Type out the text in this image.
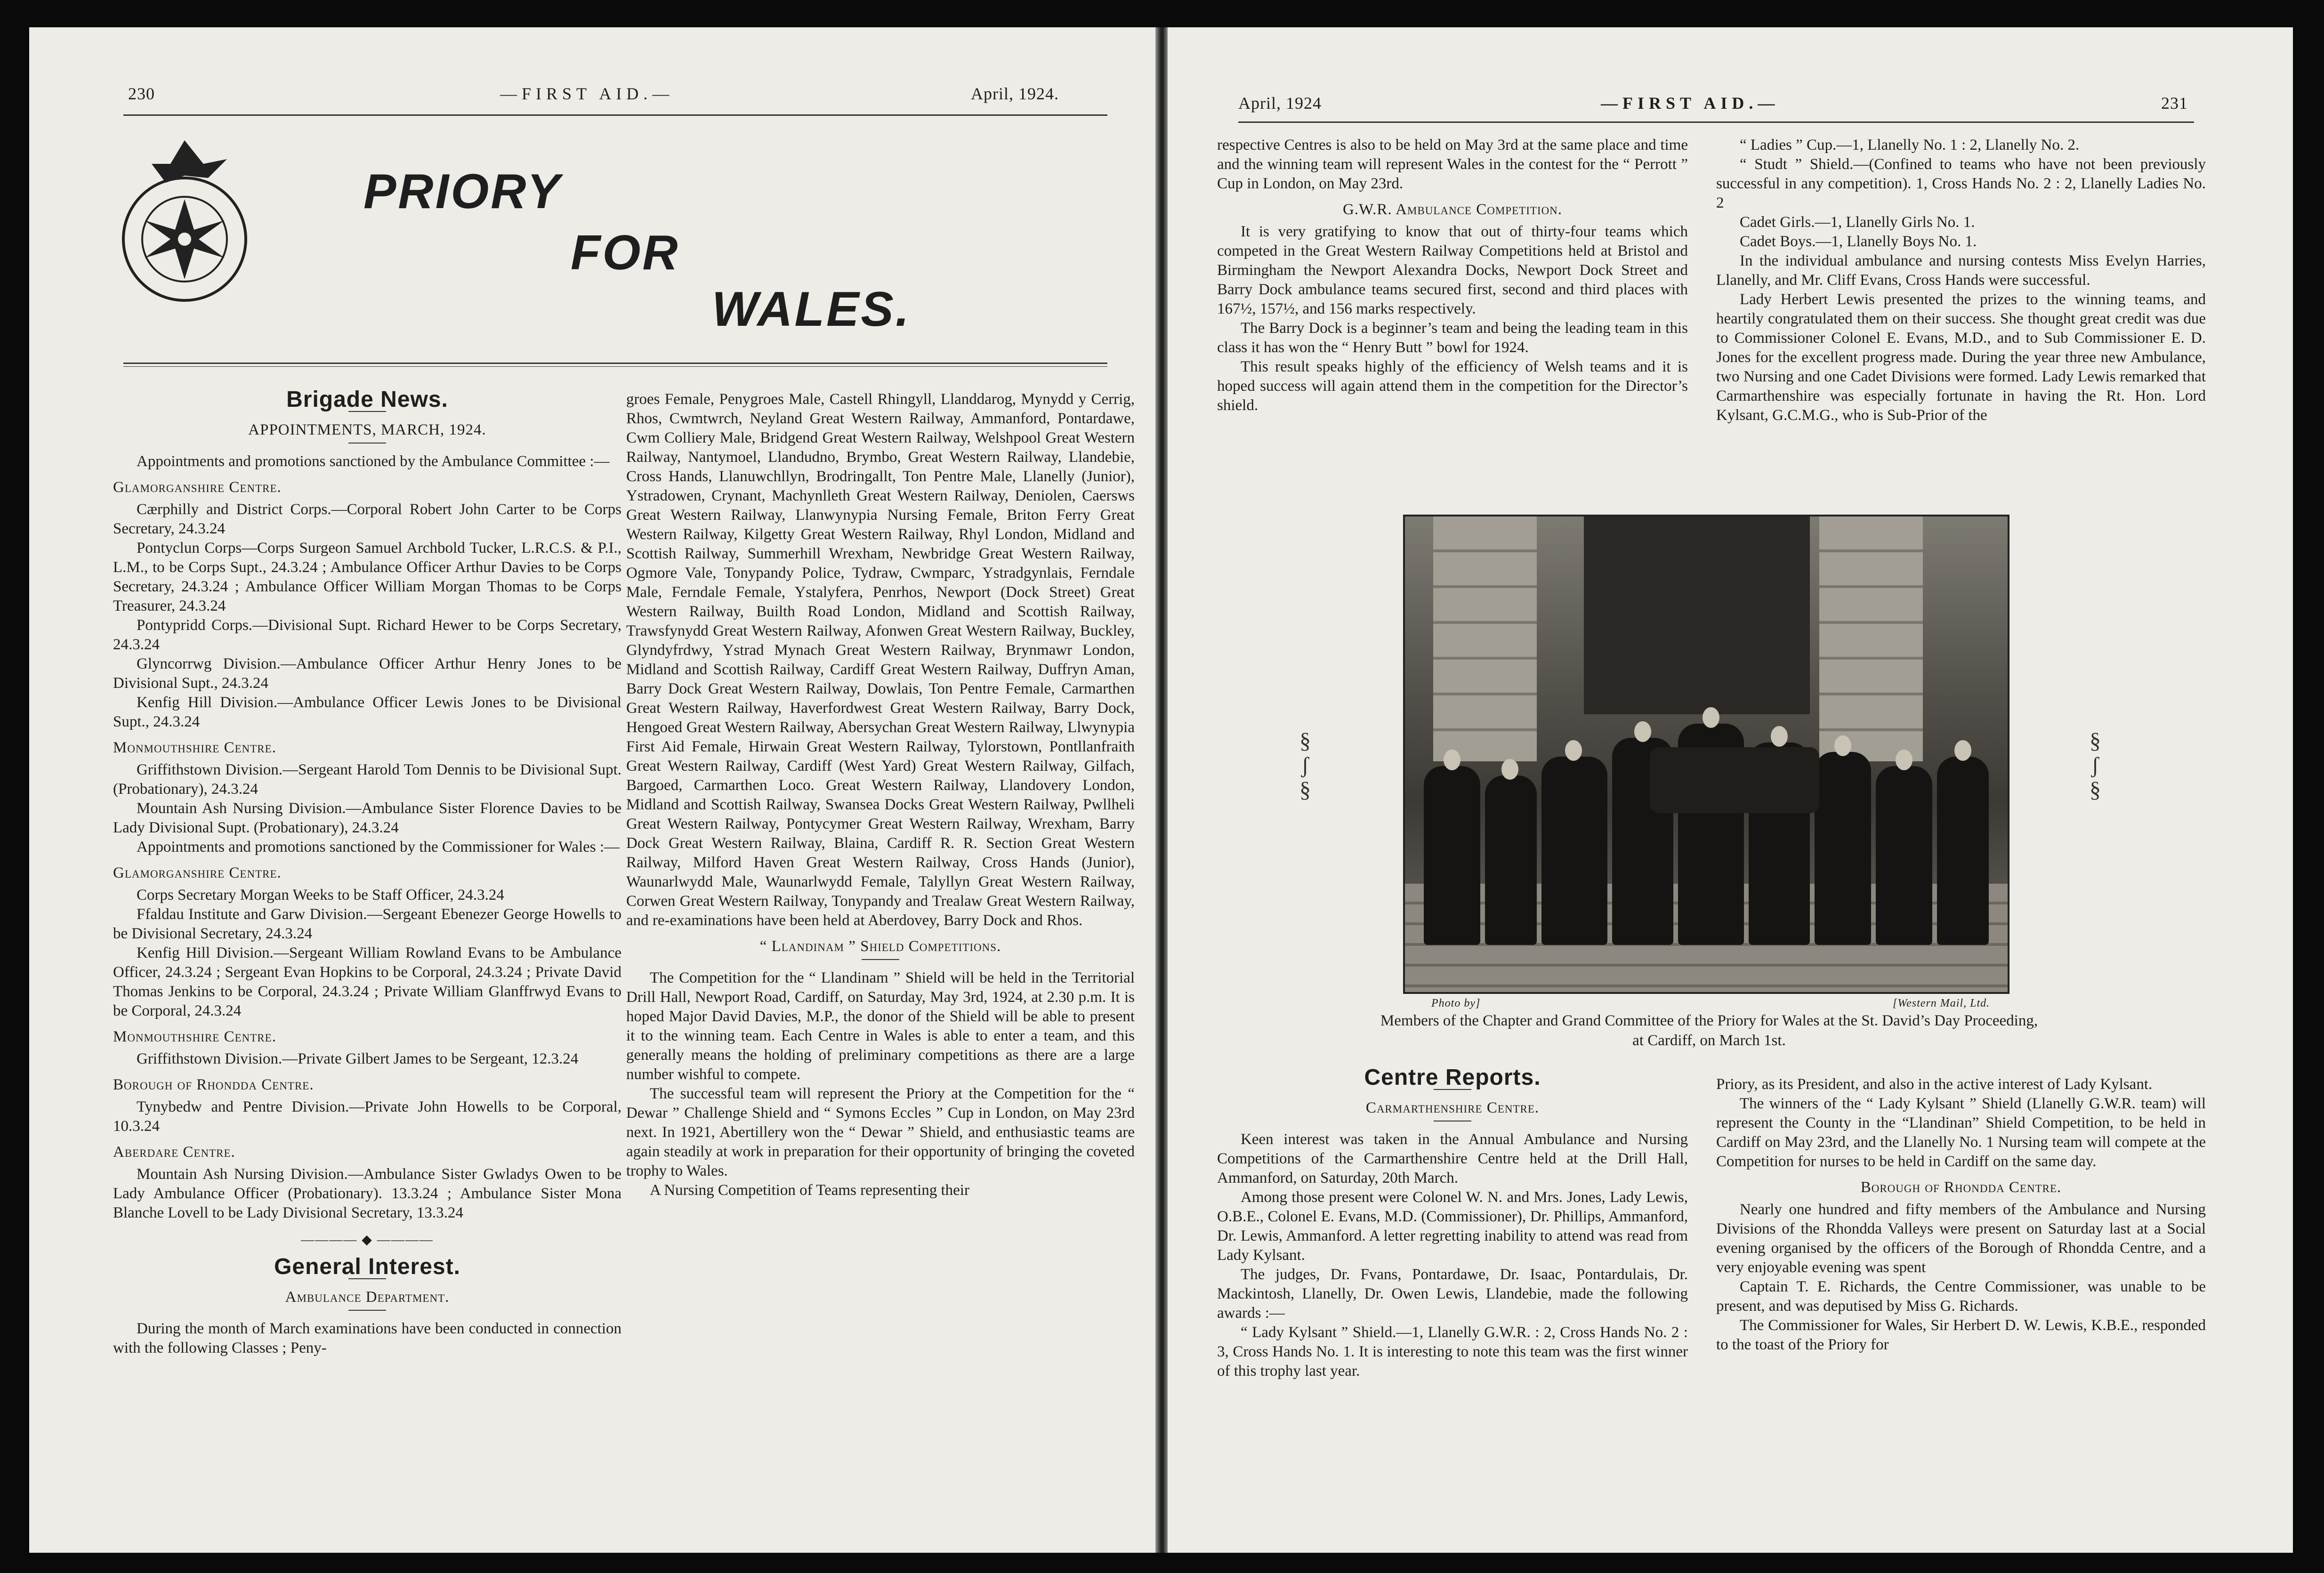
230	—FIRST AID.—	April, 1924.
PRIORY
FOR
WALES.
Brigade News.

APPOINTMENTS, MARCH, 1924.

Appointments and promotions sanctioned by the Ambulance Committee :—

Glamorganshire Centre.

Cærphilly and District Corps.—Corporal Robert John Carter to be Corps Secretary, 24.3.24

Pontyclun Corps—Corps Surgeon Samuel Archbold Tucker, L.R.C.S. & P.I., L.M., to be Corps Supt., 24.3.24 ; Ambulance Officer Arthur Davies to be Corps Secretary, 24.3.24 ; Ambulance Officer William Morgan Thomas to be Corps Treasurer, 24.3.24

Pontypridd Corps.—Divisional Supt. Richard Hewer to be Corps Secretary, 24.3.24

Glyncorrwg Division.—Ambulance Officer Arthur Henry Jones to be Divisional Supt., 24.3.24

Kenfig Hill Division.—Ambulance Officer Lewis Jones to be Divisional Supt., 24.3.24

Monmouthshire Centre.

Griffithstown Division.—Sergeant Harold Tom Dennis to be Divisional Supt. (Probationary), 24.3.24

Mountain Ash Nursing Division.—Ambulance Sister Florence Davies to be Lady Divisional Supt. (Probationary), 24.3.24

Appointments and promotions sanctioned by the Commissioner for Wales :—

Glamorganshire Centre.

Corps Secretary Morgan Weeks to be Staff Officer, 24.3.24

Ffaldau Institute and Garw Division.—Sergeant Ebenezer George Howells to be Divisional Secretary, 24.3.24

Kenfig Hill Division.—Sergeant William Rowland Evans to be Ambulance Officer, 24.3.24 ; Sergeant Evan Hopkins to be Corporal, 24.3.24 ; Private David Thomas Jenkins to be Corporal, 24.3.24 ; Private William Glanffrwyd Evans to be Corporal, 24.3.24

Monmouthshire Centre.

Griffithstown Division.—Private Gilbert James to be Sergeant, 12.3.24

Borough of Rhondda Centre.

Tynybedw and Pentre Division.—Private John Howells to be Corporal, 10.3.24

Aberdare Centre.

Mountain Ash Nursing Division.—Ambulance Sister Gwladys Owen to be Lady Ambulance Officer (Probationary). 13.3.24 ; Ambulance Sister Mona Blanche Lovell to be Lady Divisional Secretary, 13.3.24

———— ◆ ————
General Interest.

Ambulance Department.

During the month of March examinations have been conducted in connection with the following Classes ; Peny-

groes Female, Penygroes Male, Castell Rhingyll, Llanddarog, Mynydd y Cerrig, Rhos, Cwmtwrch, Neyland Great Western Railway, Ammanford, Pontardawe, Cwm Colliery Male, Bridgend Great Western Railway, Welshpool Great Western Railway, Nantymoel, Llandudno, Brymbo, Great Western Railway, Llandebie, Cross Hands, Llanuwchllyn, Brodringallt, Ton Pentre Male, Llanelly (Junior), Ystradowen, Crynant, Machynlleth Great Western Railway, Deniolen, Caersws Great Western Railway, Llanwynypia Nursing Female, Briton Ferry Great Western Railway, Kilgetty Great Western Railway, Rhyl London, Midland and Scottish Railway, Summerhill Wrexham, Newbridge Great Western Railway, Ogmore Vale, Tonypandy Police, Tydraw, Cwmparc, Ystradgynlais, Ferndale Male, Ferndale Female, Ystalyfera, Penrhos, Newport (Dock Street) Great Western Railway, Builth Road London, Midland and Scottish Railway, Trawsfynydd Great Western Railway, Afonwen Great Western Railway, Buckley, Glyndyfrdwy, Ystrad Mynach Great Western Railway, Brynmawr London, Midland and Scottish Railway, Cardiff Great Western Railway, Duffryn Aman, Barry Dock Great Western Railway, Dowlais, Ton Pentre Female, Carmarthen Great Western Railway, Haverfordwest Great Western Railway, Barry Dock, Hengoed Great Western Railway, Abersychan Great Western Railway, Llwynypia First Aid Female, Hirwain Great Western Railway, Tylorstown, Pontllanfraith Great Western Railway, Cardiff (West Yard) Great Western Railway, Gilfach, Bargoed, Carmarthen Loco. Great Western Railway, Llandovery London, Midland and Scottish Railway, Swansea Docks Great Western Railway, Pwllheli Great Western Railway, Pontycymer Great Western Railway, Wrexham, Barry Dock Great Western Railway, Blaina, Cardiff R. R. Section Great Western Railway, Milford Haven Great Western Railway, Cross Hands (Junior), Waunarlwydd Male, Waunarlwydd Female, Talyllyn Great Western Railway, Corwen Great Western Railway, Tonypandy and Trealaw Great Western Railway, and re-examinations have been held at Aberdovey, Barry Dock and Rhos.

“ Llandinam ” Shield Competitions.

The Competition for the “ Llandinam ” Shield will be held in the Territorial Drill Hall, Newport Road, Cardiff, on Saturday, May 3rd, 1924, at 2.30 p.m. It is hoped Major David Davies, M.P., the donor of the Shield will be able to present it to the winning team. Each Centre in Wales is able to enter a team, and this generally means the holding of preliminary competitions as there are a large number wishful to compete.

The successful team will represent the Priory at the Competition for the “ Dewar ” Challenge Shield and “ Symons Eccles ” Cup in London, on May 23rd next. In 1921, Abertillery won the “ Dewar ” Shield, and enthusiastic teams are again steadily at work in preparation for their opportunity of bringing the coveted trophy to Wales.

A Nursing Competition of Teams representing their

April, 1924	—FIRST AID.—	231

respective Centres is also to be held on May 3rd at the same place and time and the winning team will represent Wales in the contest for the “ Perrott ” Cup in London, on May 23rd.

G.W.R. Ambulance Competition.

It is very gratifying to know that out of thirty-four teams which competed in the Great Western Railway Competitions held at Bristol and Birmingham the Newport Alexandra Docks, Newport Dock Street and Barry Dock ambulance teams secured first, second and third places with 167½, 157½, and 156 marks respectively.

The Barry Dock is a beginner’s team and being the leading team in this class it has won the “ Henry Butt ” bowl for 1924.

This result speaks highly of the efficiency of Welsh teams and it is hoped success will again attend them in the competition for the Director’s shield.

“ Ladies ” Cup.—1, Llanelly No. 1 : 2, Llanelly No. 2.

“ Studt ” Shield.—(Confined to teams who have not been previously successful in any competition). 1, Cross Hands No. 2 : 2, Llanelly Ladies No. 2

Cadet Girls.—1, Llanelly Girls No. 1.

Cadet Boys.—1, Llanelly Boys No. 1.

In the individual ambulance and nursing contests Miss Evelyn Harries, Llanelly, and Mr. Cliff Evans, Cross Hands were successful.

Lady Herbert Lewis presented the prizes to the winning teams, and heartily congratulated them on their success. She thought great credit was due to Commissioner Colonel E. Evans, M.D., and to Sub Commissioner E. D. Jones for the excellent progress made. During the year three new Ambulance, two Nursing and one Cadet Divisions were formed. Lady Lewis remarked that Carmarthenshire was especially fortunate in having the Rt. Hon. Lord Kylsant, G.C.M.G., who is Sub-Prior of the

§
ʃ
§
§
ʃ
§
Photo by]	[Western Mail, Ltd.
Members of the Chapter and Grand Committee of the Priory for Wales at the St. David’s Day Proceeding,
at Cardiff, on March 1st.
Centre Reports.

Carmarthenshire Centre.

Keen interest was taken in the Annual Ambulance and Nursing Competitions of the Carmarthenshire Centre held at the Drill Hall, Ammanford, on Saturday, 20th March.

Among those present were Colonel W. N. and Mrs. Jones, Lady Lewis, O.B.E., Colonel E. Evans, M.D. (Commissioner), Dr. Phillips, Ammanford, Dr. Lewis, Ammanford. A letter regretting inability to attend was read from Lady Kylsant.

The judges, Dr. Fvans, Pontardawe, Dr. Isaac, Pontardulais, Dr. Mackintosh, Llanelly, Dr. Owen Lewis, Llandebie, made the following awards :—

“ Lady Kylsant ” Shield.—1, Llanelly G.W.R. : 2, Cross Hands No. 2 : 3, Cross Hands No. 1. It is interesting to note this team was the first winner of this trophy last year.

Priory, as its President, and also in the active interest of Lady Kylsant.

The winners of the “ Lady Kylsant ” Shield (Llanelly G.W.R. team) will represent the County in the “Llandinan” Shield Competition, to be held in Cardiff on May 23rd, and the Llanelly No. 1 Nursing team will compete at the Competition for nurses to be held in Cardiff on the same day.

Borough of Rhondda Centre.

Nearly one hundred and fifty members of the Ambulance and Nursing Divisions of the Rhondda Valleys were present on Saturday last at a Social evening organised by the officers of the Borough of Rhondda Centre, and a very enjoyable evening was spent

Captain T. E. Richards, the Centre Commissioner, was unable to be present, and was deputised by Miss G. Richards.

The Commissioner for Wales, Sir Herbert D. W. Lewis, K.B.E., responded to the toast of the Priory for
